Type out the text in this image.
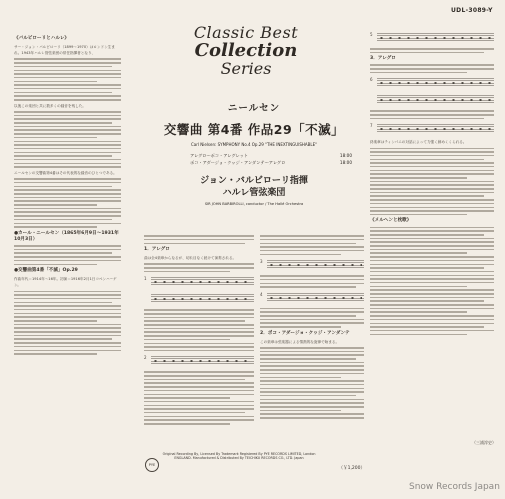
UDL-3089-Y
《バルビローリとハルレ》

サー・ジョン・バルビローリ（1899～1970）はロンドン生まれ。1943年ハルレ管弦楽団の常任指揮者となり、

以後この楽団と共に数多くの録音を残した。

ニールセンの交響曲第4番はその代表的な録音のひとつである。

●カール・ニールセン（1865年6月9日～1931年10月3日）
●交響曲第4番「不滅」Op.29

作曲年代＝1914年～16年。初演＝1916年2月1日コペンハーゲン。

Classic Best
Collection
Series
ニールセン
交響曲 第4番 作品29「不滅」
Carl Nielsen: SYMPHONY No.4 Op.29 "THE INEXTINGUISHABLE"
アレグロ～ポコ・アレグレット	18:00
ポコ・アダージョ・クヮジ・アンダンテ～アレグロ	18:00
ジョン・バルビローリ指揮
ハルレ管弦楽団
SIR JOHN BARBIROLLI, conductor / The Hallé Orchestra
1．アレグロ

曲は全4楽章からなるが、切れ目なく続けて演奏される。

1
2
3
4
2．ポコ・アダージョ・クヮジ・アンダンテ

この楽章は弦楽器による情熱的な旋律で始まる。

5
3．アレグロ
6
7

終楽章はティンパニの対話によって力強く締めくくられる。

《メルヘンと枕歌》
（三浦淳史）
PYE
Original Recording By, Licensed By Trademark Registered By PYE RECORDS LIMITED, London ENGLAND. Manufactured & Distributed By TEICHIKU RECORDS CO., LTD. Japan
（￥1,200）
Snow Records Japan
